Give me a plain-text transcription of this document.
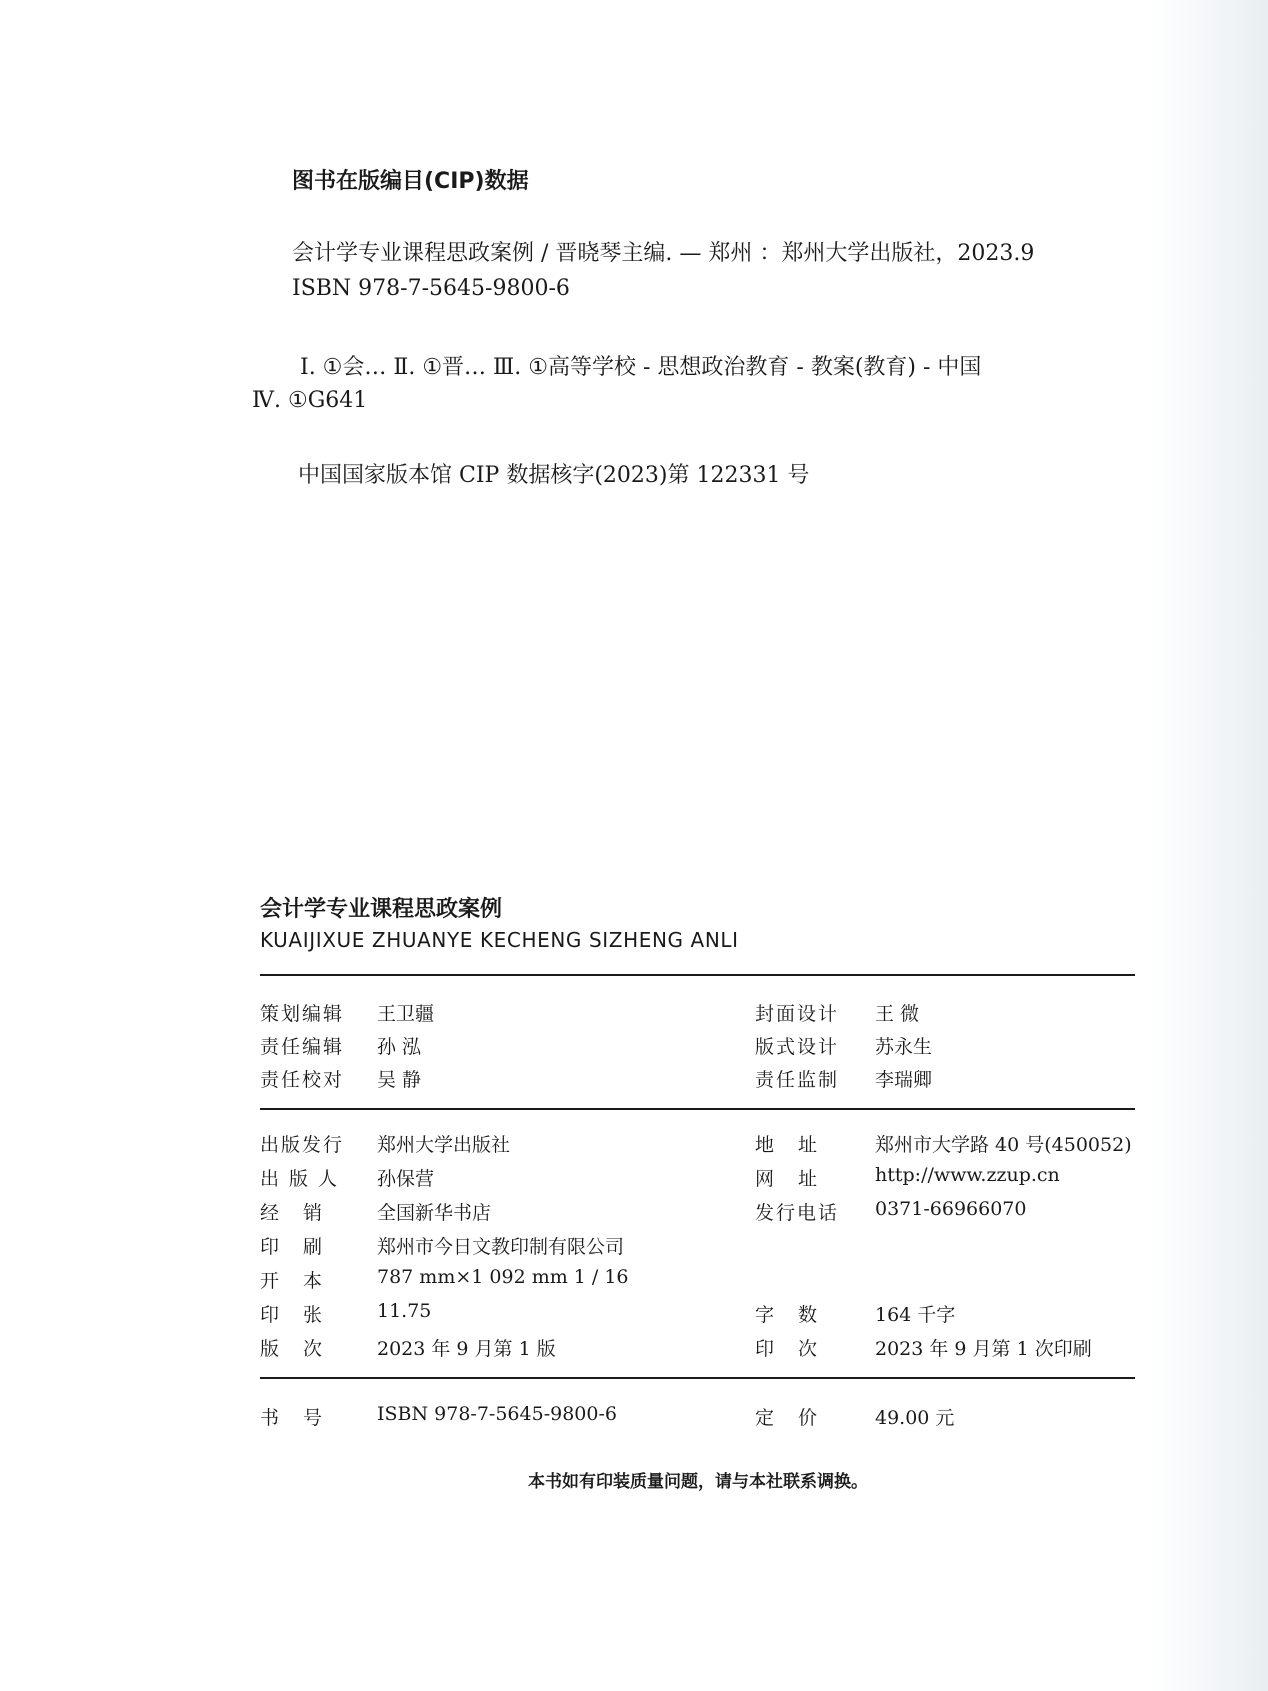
图书在版编目(CIP)数据
会计学专业课程思政案例 / 晋晓琴主编. — 郑州 ：郑州大学出版社，2023.9
ISBN 978-7-5645-9800-6
Ⅰ. ①会… Ⅱ. ①晋… Ⅲ. ①高等学校 - 思想政治教育 - 教案(教育) - 中国
Ⅳ. ①G641
中国国家版本馆 CIP 数据核字(2023)第 122331 号
会计学专业课程思政案例
KUAIJIXUE ZHUANYE KECHENG SIZHENG ANLI
策划编辑 王卫疆	封面设计 王 微
责任编辑 孙 泓	版式设计 苏永生
责任校对 吴 静	责任监制 李瑞卿
出版发行 郑州大学出版社	地址 郑州市大学路 40 号(450052)
出版人 孙保营	网址 http://www.zzup.cn
经销 全国新华书店	发行电话 0371-66966070
印刷 郑州市今日文教印制有限公司
开本 787 mm×1 092 mm 1 / 16
印张 11.75	字数 164 千字
版次 2023 年 9 月第 1 版	印次 2023 年 9 月第 1 次印刷
书号 ISBN 978-7-5645-9800-6	定价 49.00 元
本书如有印装质量问题，请与本社联系调换。
